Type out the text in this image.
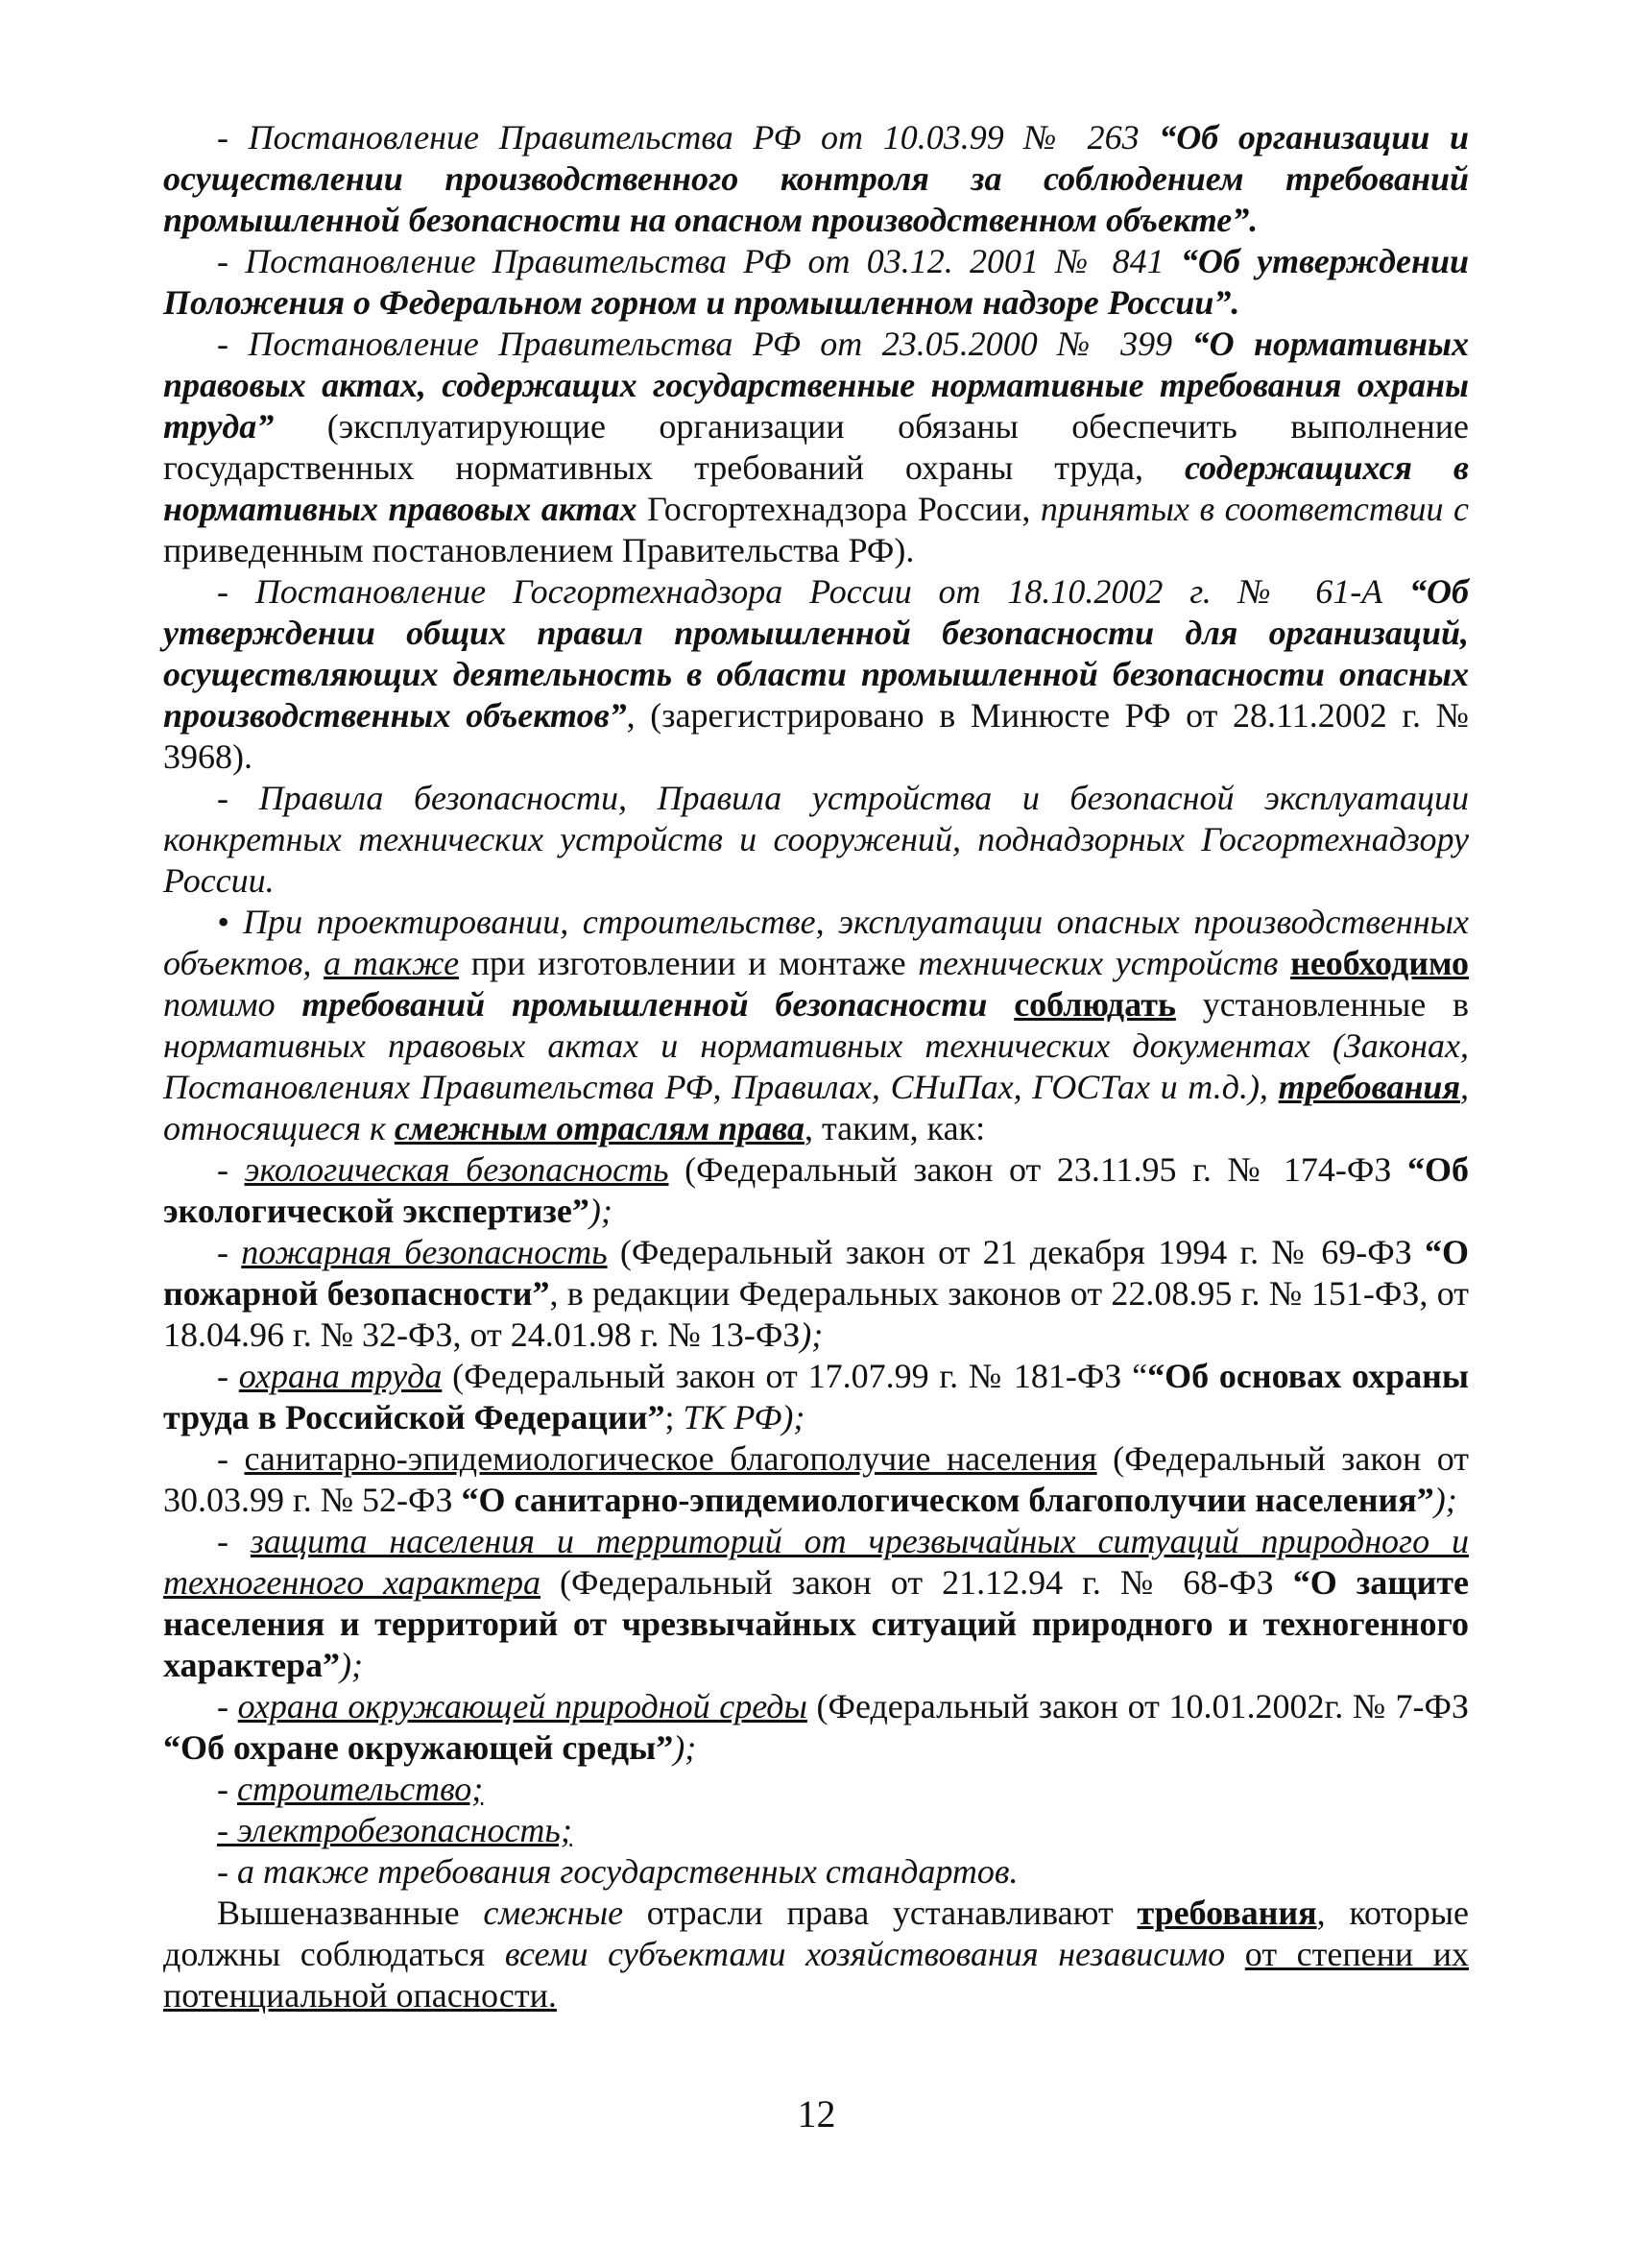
- Постановление Правительства РФ от 10.03.99 № 263 “Об организации и осуществлении производственного контроля за соблюдением требований промышленной безопасности на опасном производственном объекте”.

- Постановление Правительства РФ от 03.12. 2001 № 841 “Об утверждении Положения о Федеральном горном и промышленном надзоре России”.

- Постановление Правительства РФ от 23.05.2000 № 399 “О нормативных правовых актах, содержащих государственные нормативные требования охраны труда” (эксплуатирующие организации обязаны обеспечить выполнение государственных нормативных требований охраны труда, содержащихся в нормативных правовых актах Госгортехнадзора России, принятых в соответствии с приведенным постановлением Правительства РФ).

- Постановление Госгортехнадзора России от 18.10.2002 г. № 61-А “Об утверждении общих правил промышленной безопасности для организаций, осуществляющих деятельность в области промышленной безопасности опасных производственных объектов”, (зарегистрировано в Минюсте РФ от 28.11.2002 г. № 3968).

- Правила безопасности, Правила устройства и безопасной эксплуатации конкретных технических устройств и сооружений, поднадзорных Госгортехнадзору России.

• При проектировании, строительстве, эксплуатации опасных производственных объектов, а также при изготовлении и монтаже технических устройств необходимо помимо требований промышленной безопасности соблюдать установленные в нормативных правовых актах и нормативных технических документах (Законах, Постановлениях Правительства РФ, Правилах, СНиПах, ГОСТах и т.д.), требования, относящиеся к смежным отраслям права, таким, как:

- экологическая безопасность (Федеральный закон от 23.11.95 г. № 174-ФЗ “Об экологической экспертизе”);

- пожарная безопасность (Федеральный закон от 21 декабря 1994 г. № 69-ФЗ “О пожарной безопасности”, в редакции Федеральных законов от 22.08.95 г. № 151-ФЗ, от 18.04.96 г. № 32-ФЗ, от 24.01.98 г. № 13-ФЗ);

- охрана труда (Федеральный закон от 17.07.99 г. № 181-ФЗ ““Об основах охраны труда в Российской Федерации”; ТК РФ);

- санитарно-эпидемиологическое благополучие населения (Федеральный закон от 30.03.99 г. № 52-ФЗ “О санитарно-эпидемиологическом благополучии населения”);

- защита населения и территорий от чрезвычайных ситуаций природного и техногенного характера (Федеральный закон от 21.12.94 г. № 68-ФЗ “О защите населения и территорий от чрезвычайных ситуаций природного и техногенного характера”);

- охрана окружающей природной среды (Федеральный закон от 10.01.2002г. № 7-ФЗ “Об охране окружающей среды”);

- строительство;

- электробезопасность;

- а также требования государственных стандартов.

Вышеназванные смежные отрасли права устанавливают требования, которые должны соблюдаться всеми субъектами хозяйствования независимо от степени их потенциальной опасности.

12
